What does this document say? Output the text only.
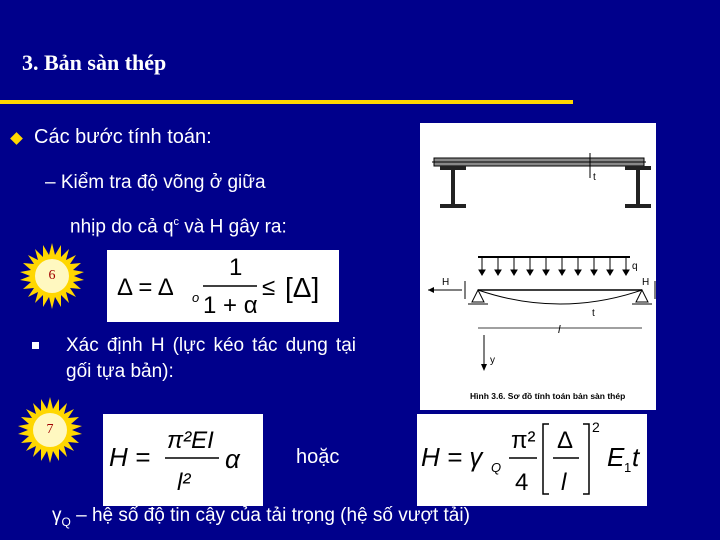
3. Bản sàn thép
Các bước tính toán:
– Kiểm tra độ võng ở giữa
nhịp do cả $q^c$ và H gây ra:
6	Δ = Δ o
1
1 + α
≤ [Δ]
Xác định H (lực kéo tác dụng tại gối tựa bản):
7
H =
π²EI
l²
α	hoặc	H = γ Q
π²
4
Δ
l
2
E 1 t
$\gamma_Q$ – hệ số độ tin cậy của tải trọng (hệ số vượt tải)
t
q
H	H
t
l
y
Hình 3.6. Sơ đồ tính toán bản sàn thép
